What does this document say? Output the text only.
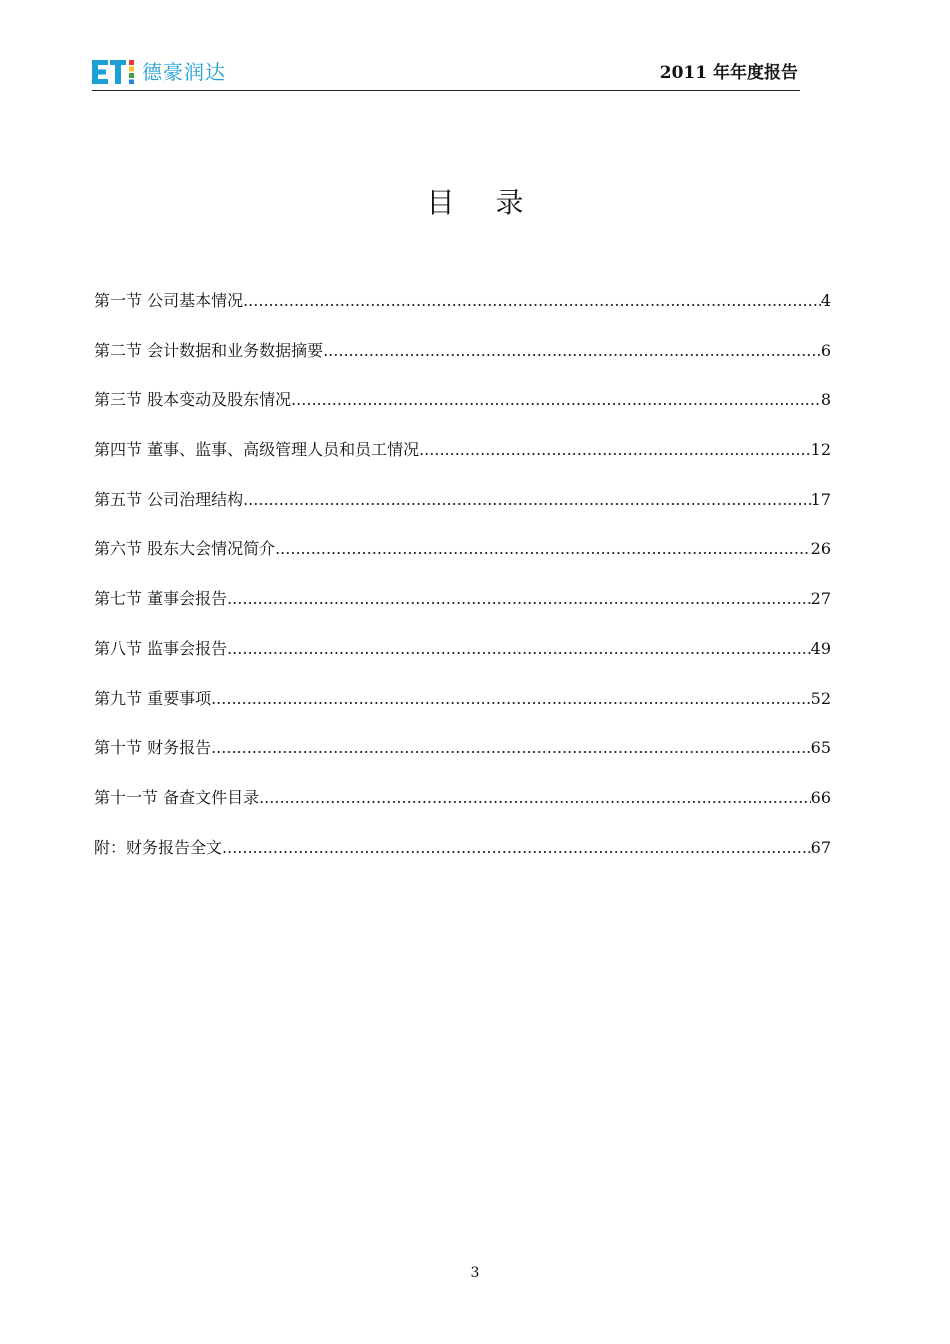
德豪润达	2011 年年度报告
目 录
第一节 公司基本情况 .....	4
第二节 会计数据和业务数据摘要 .....	6
第三节 股本变动及股东情况 .....	8
第四节 董事、监事、高级管理人员和员工情况 .....	12
第五节 公司治理结构 .....	17
第六节 股东大会情况简介 .....	26
第七节 董事会报告 .....	27
第八节 监事会报告 .....	49
第九节 重要事项 .....	52
第十节 财务报告 .....	65
第十一节 备查文件目录 .....	66
附：财务报告全文 .....	67
3
